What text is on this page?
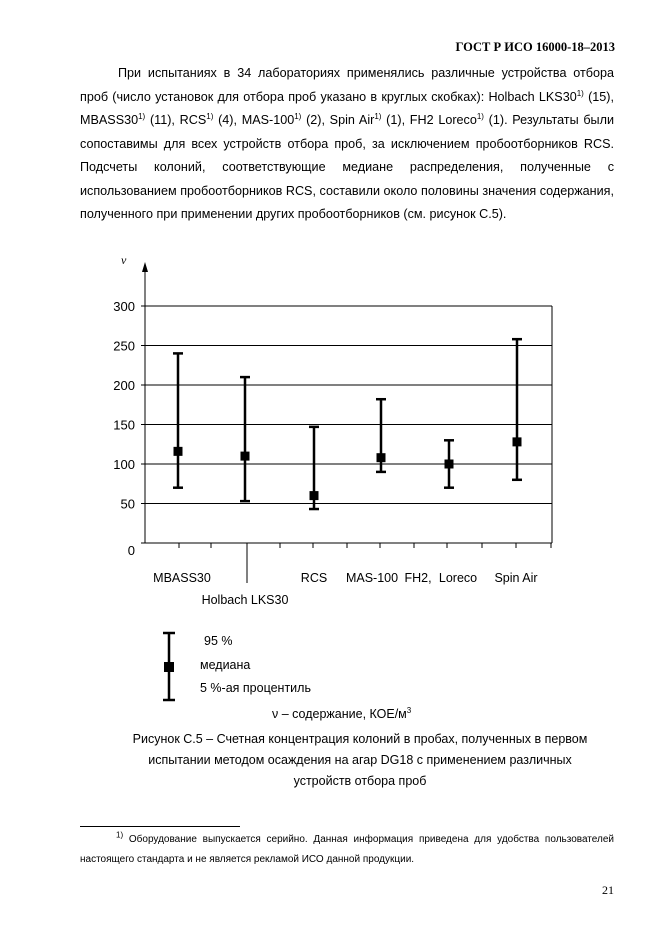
ГОСТ Р ИСО 16000-18–2013
При испытаниях в 34 лабораториях применялись различные устройства отбора проб (число установок для отбора проб указано в круглых скобках): Holbach LKS30$^{1)}$ (15), MBASS30$^{1)}$ (11), RCS$^{1)}$ (4), MAS-100$^{1)}$ (2), Spin Air$^{1)}$ (1), FH2 Loreco$^{1)}$ (1). Результаты были сопоставимы для всех устройств отбора проб, за исключением пробоотборников RCS. Подсчеты колоний, соответствующие медиане распределения, полученные с использованием пробоотборников RCS, составили около половины значения содержания, полученного при применении других пробоотборников (см. рисунок С.5).
ν
0
50
100
150
200
250
300
MBASS30
Holbach LKS30
RCS MAS-100 FH2, Loreco Spin Air
95 %
медиана
5 %-ая процентиль
ν – содержание, КОЕ/$м^3$
Рисунок С.5 – Счетная концентрация колоний в пробах, полученных в первом
испытании методом осаждения на агар DG18 с применением различных
устройств отбора проб
$^{1)}$ Оборудование выпускается серийно. Данная информация приведена для удобства пользователей настоящего стандарта и не является рекламой ИСО данной продукции.
21
